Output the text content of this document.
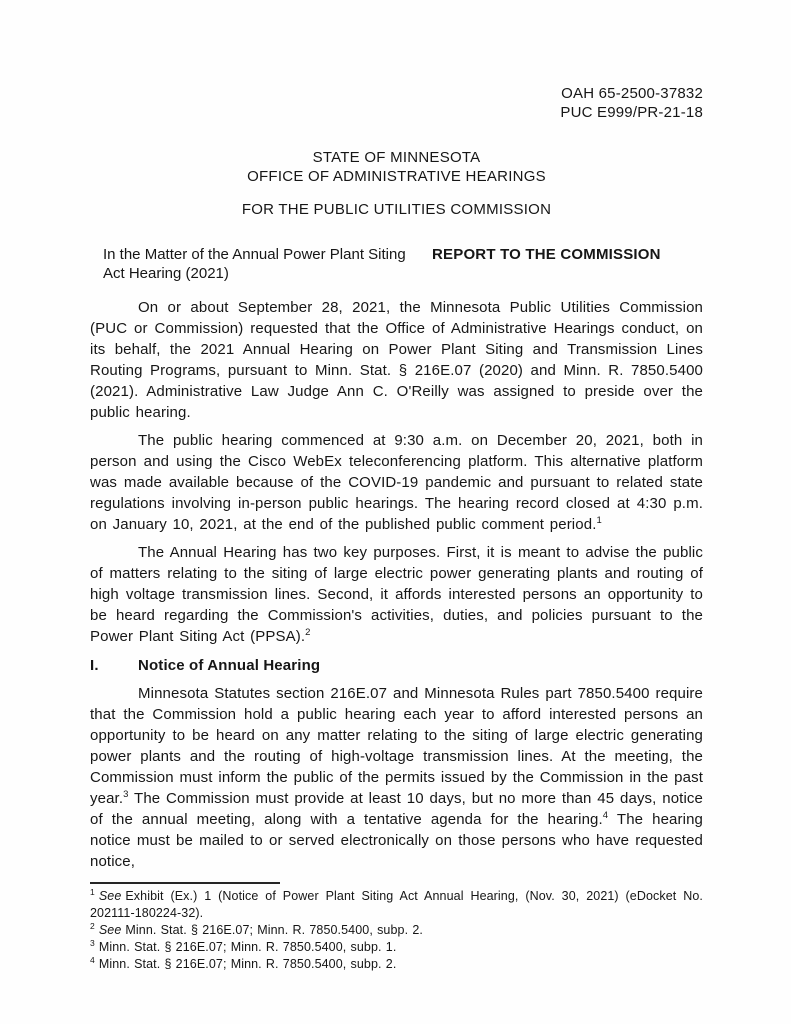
OAH 65-2500-37832
PUC E999/PR-21-18
STATE OF MINNESOTA
OFFICE OF ADMINISTRATIVE HEARINGS
FOR THE PUBLIC UTILITIES COMMISSION
In the Matter of the Annual Power Plant Siting Act Hearing (2021)
REPORT TO THE COMMISSION

On or about September 28, 2021, the Minnesota Public Utilities Commission (PUC or Commission) requested that the Office of Administrative Hearings conduct, on its behalf, the 2021 Annual Hearing on Power Plant Siting and Transmission Lines Routing Programs, pursuant to Minn. Stat. § 216E.07 (2020) and Minn. R. 7850.5400 (2021). Administrative Law Judge Ann C. O'Reilly was assigned to preside over the public hearing.

The public hearing commenced at 9:30 a.m. on December 20, 2021, both in person and using the Cisco WebEx teleconferencing platform. This alternative platform was made available because of the COVID-19 pandemic and pursuant to related state regulations involving in-person public hearings. The hearing record closed at 4:30 p.m. on January 10, 2021, at the end of the published public comment period.$^1$

The Annual Hearing has two key purposes. First, it is meant to advise the public of matters relating to the siting of large electric power generating plants and routing of high voltage transmission lines. Second, it affords interested persons an opportunity to be heard regarding the Commission's activities, duties, and policies pursuant to the Power Plant Siting Act (PPSA).$^2$

I.	Notice of Annual Hearing

Minnesota Statutes section 216E.07 and Minnesota Rules part 7850.5400 require that the Commission hold a public hearing each year to afford interested persons an opportunity to be heard on any matter relating to the siting of large electric generating power plants and the routing of high-voltage transmission lines. At the meeting, the Commission must inform the public of the permits issued by the Commission in the past year.$^3$ The Commission must provide at least 10 days, but no more than 45 days, notice of the annual meeting, along with a tentative agenda for the hearing.$^4$ The hearing notice must be mailed to or served electronically on those persons who have requested notice,

$^1$ See Exhibit (Ex.) 1 (Notice of Power Plant Siting Act Annual Hearing, (Nov. 30, 2021) (eDocket No. 202111-180224-32).
$^2$ See Minn. Stat. § 216E.07; Minn. R. 7850.5400, subp. 2.
$^3$ Minn. Stat. § 216E.07; Minn. R. 7850.5400, subp. 1.
$^4$ Minn. Stat. § 216E.07; Minn. R. 7850.5400, subp. 2.
